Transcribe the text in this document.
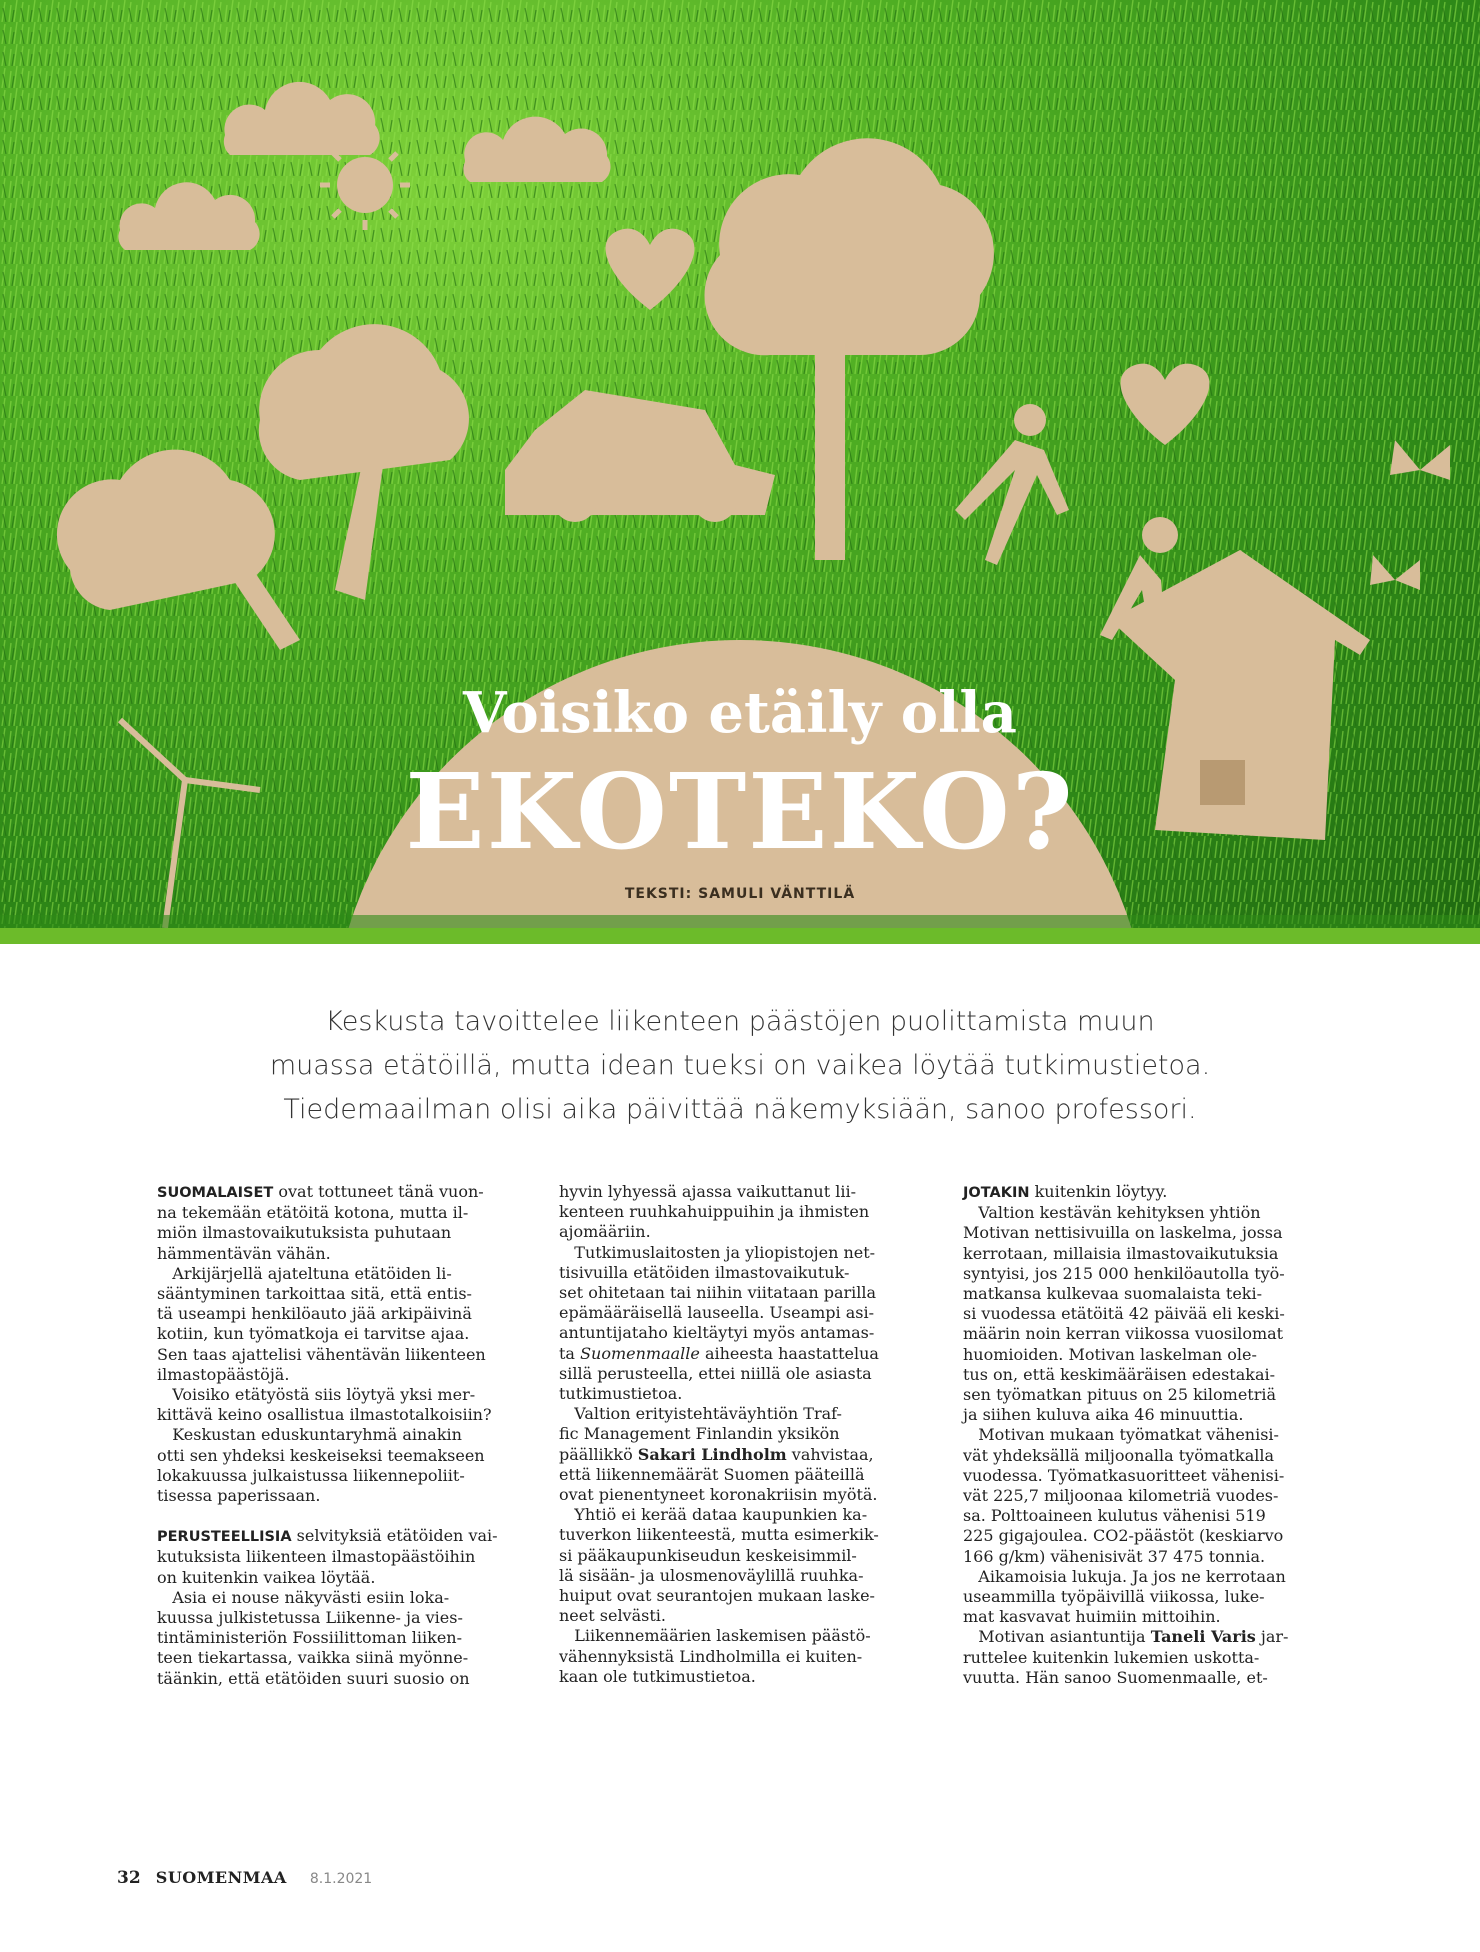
Voisiko etäily olla
EKOTEKO?
TEKSTI: SAMULI VÄNTTILÄ
Keskusta tavoittelee liikenteen päästöjen puolittamista muun
muassa etätöillä, mutta idean tueksi on vaikea löytää tutkimustietoa.
Tiedemaailman olisi aika päivittää näkemyksiään, sanoo professori.
SUOMALAISET ovat tottuneet tänä vuon-
na tekemään etätöitä kotona, mutta il-
miön ilmastovaikutuksista puhutaan
hämmentävän vähän.
Arkijärjellä ajateltuna etätöiden li-
sääntyminen tarkoittaa sitä, että entis-
tä useampi henkilöauto jää arkipäivinä
kotiin, kun työmatkoja ei tarvitse ajaa.
Sen taas ajattelisi vähentävän liikenteen
ilmastopäästöjä.
Voisiko etätyöstä siis löytyä yksi mer-
kittävä keino osallistua ilmastotalkoisiin?
Keskustan eduskuntaryhmä ainakin
otti sen yhdeksi keskeiseksi teemakseen
lokakuussa julkaistussa liikennepoliit-
tisessa paperissaan.
PERUSTEELLISIA selvityksiä etätöiden vai-
kutuksista liikenteen ilmastopäästöihin
on kuitenkin vaikea löytää.
Asia ei nouse näkyvästi esiin loka-
kuussa julkistetussa Liikenne- ja vies-
tintäministeriön Fossiilittoman liiken-
teen tiekartassa, vaikka siinä myönne-
täänkin, että etätöiden suuri suosio on
hyvin lyhyessä ajassa vaikuttanut lii-
kenteen ruuhkahuippuihin ja ihmisten
ajomääriin.
Tutkimuslaitosten ja yliopistojen net-
tisivuilla etätöiden ilmastovaikutuk-
set ohitetaan tai niihin viitataan parilla
epämääräisellä lauseella. Useampi asi-
antuntijataho kieltäytyi myös antamas-
ta Suomenmaalle aiheesta haastattelua
sillä perusteella, ettei niillä ole asiasta
tutkimustietoa.
Valtion erityistehtäväyhtiön Traf-
fic Management Finlandin yksikön
päällikkö Sakari Lindholm vahvistaa,
että liikennemäärät Suomen pääteillä
ovat pienentyneet koronakriisin myötä.
Yhtiö ei kerää dataa kaupunkien ka-
tuverkon liikenteestä, mutta esimerkik-
si pääkaupunkiseudun keskeisimmil-
lä sisään- ja ulosmenoväylillä ruuhka-
huiput ovat seurantojen mukaan laske-
neet selvästi.
Liikennemäärien laskemisen päästö-
vähennyksistä Lindholmilla ei kuiten-
kaan ole tutkimustietoa.
JOTAKIN kuitenkin löytyy.
Valtion kestävän kehityksen yhtiön
Motivan nettisivuilla on laskelma, jossa
kerrotaan, millaisia ilmastovaikutuksia
syntyisi, jos 215 000 henkilöautolla työ-
matkansa kulkevaa suomalaista teki-
si vuodessa etätöitä 42 päivää eli keski-
määrin noin kerran viikossa vuosilomat
huomioiden. Motivan laskelman ole-
tus on, että keskimääräisen edestakai-
sen työmatkan pituus on 25 kilometriä
ja siihen kuluva aika 46 minuuttia.
Motivan mukaan työmatkat vähenisi-
vät yhdeksällä miljoonalla työmatkalla
vuodessa. Työmatkasuoritteet vähenisi-
vät 225,7 miljoonaa kilometriä vuodes-
sa. Polttoaineen kulutus vähenisi 519
225 gigajoulea. CO2-päästöt (keskiarvo
166 g/km) vähenisivät 37 475 tonnia.
Aikamoisia lukuja. Ja jos ne kerrotaan
useammilla työpäivillä viikossa, luke-
mat kasvavat huimiin mittoihin.
Motivan asiantuntija Taneli Varis jar-
ruttelee kuitenkin lukemien uskotta-
vuutta. Hän sanoo Suomenmaalle, et-
32 SUOMENMAA 8.1.2021
